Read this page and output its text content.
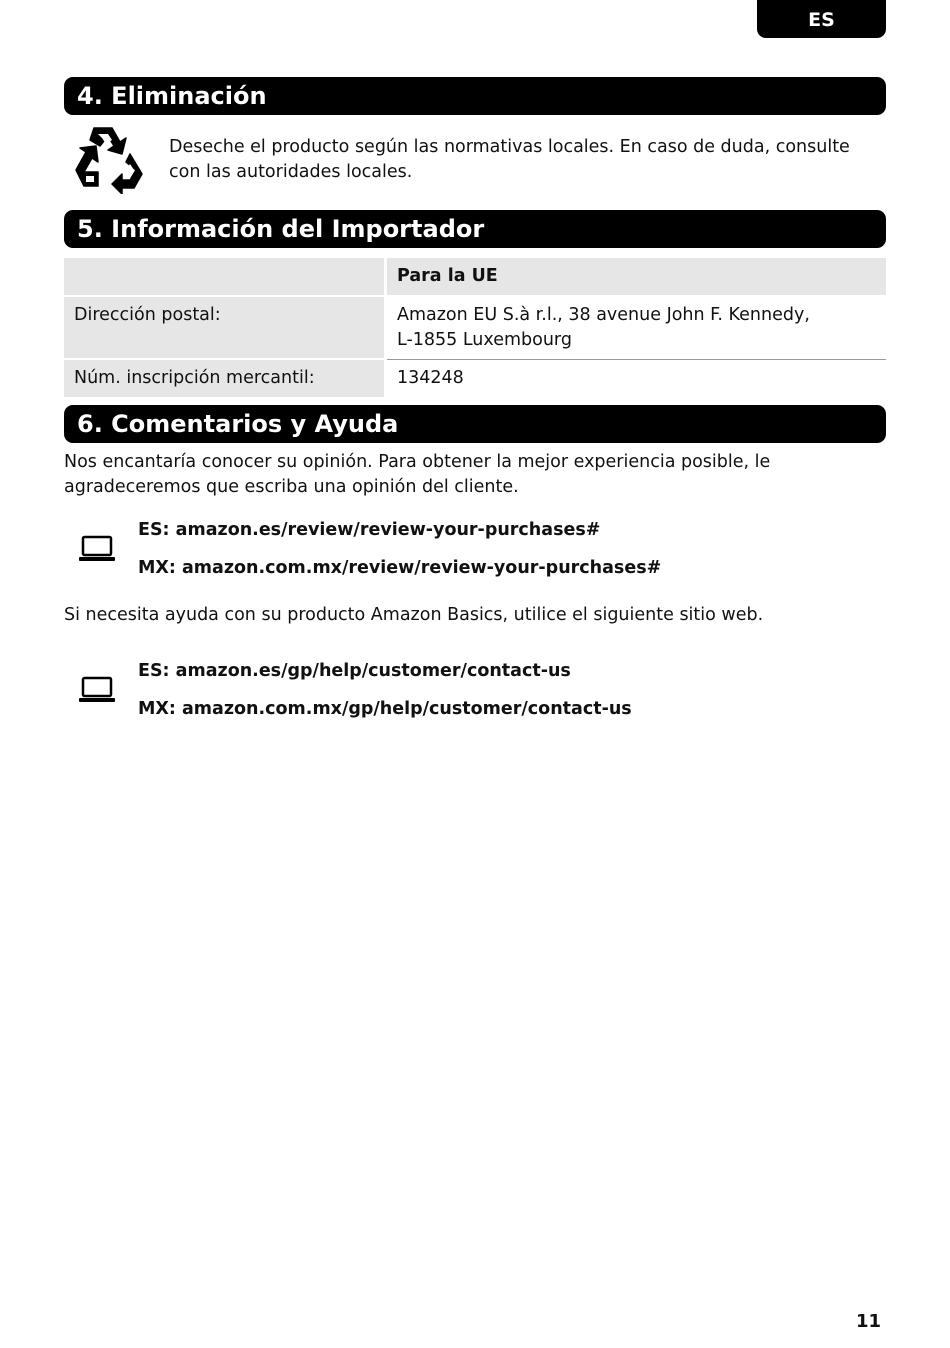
ES
4. Eliminación
Deseche el producto según las normativas locales. En caso de duda, consulte
con las autoridades locales.
5. Información del Importador
	Para la UE
Dirección postal:	Amazon EU S.à r.l., 38 avenue John F. Kennedy,
L-1855 Luxembourg

Núm. inscripción mercantil:	134248
6. Comentarios y Ayuda
Nos encantaría conocer su opinión. Para obtener la mejor experiencia posible, le
agradeceremos que escriba una opinión del cliente.
ES: amazon.es/review/review-your-purchases#
MX: amazon.com.mx/review/review-your-purchases#
Si necesita ayuda con su producto Amazon Basics, utilice el siguiente sitio web.
ES: amazon.es/gp/help/customer/contact-us
MX: amazon.com.mx/gp/help/customer/contact-us
11
